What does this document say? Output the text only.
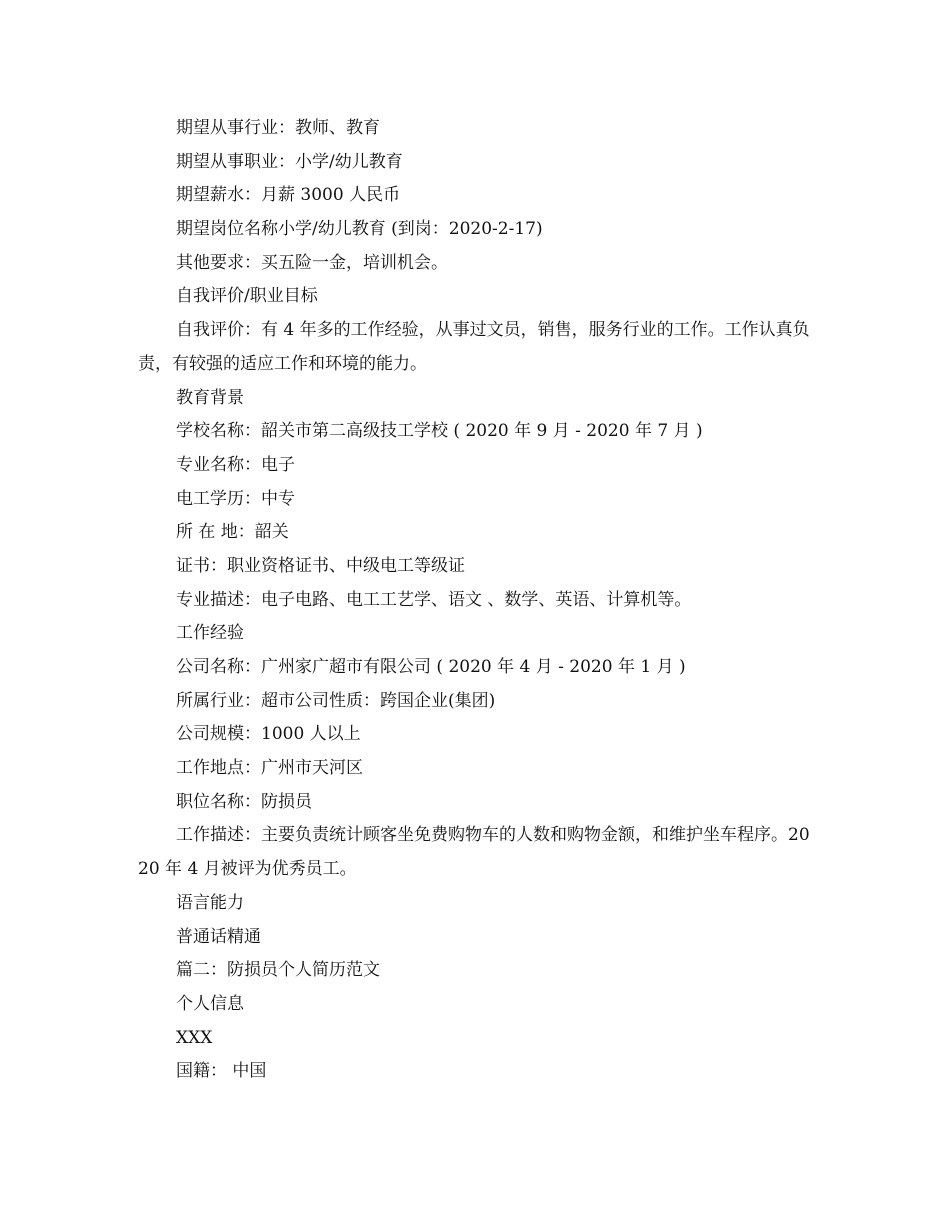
期望从事行业：教师、教育
期望从事职业：小学/幼儿教育
期望薪水：月薪 3000 人民币
期望岗位名称小学/幼儿教育 (到岗：2020-2-17)
其他要求：买五险一金，培训机会。
自我评价/职业目标
自我评价：有 4 年多的工作经验，从事过文员，销售，服务行业的工作。工作认真负责，有较强的适应工作和环境的能力。
教育背景
学校名称：韶关市第二高级技工学校 ( 2020 年 9 月 - 2020 年 7 月 )
专业名称：电子
电工学历：中专
所 在 地：韶关
证书：职业资格证书、中级电工等级证
专业描述：电子电路、电工工艺学、语文 、数学、英语、计算机等。
工作经验
公司名称：广州家广超市有限公司 ( 2020 年 4 月 - 2020 年 1 月 )
所属行业：超市公司性质：跨国企业(集团)
公司规模：1000 人以上
工作地点：广州市天河区
职位名称：防损员
工作描述：主要负责统计顾客坐免费购物车的人数和购物金额，和维护坐车程序。2020 年 4 月被评为优秀员工。
语言能力
普通话精通
篇二：防损员个人简历范文
个人信息
XXX
国籍： 中国
